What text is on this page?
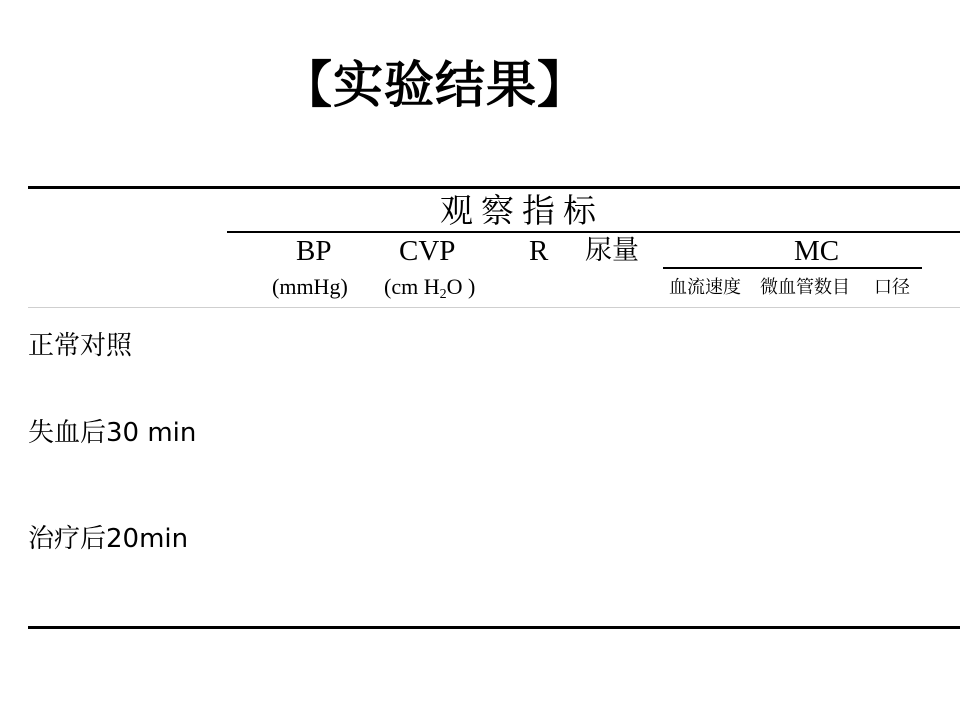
【实验结果】
观察指标
BP
(mmHg)
CVP
(cm $H_2O$ )
R 尿量	MC
血流速度 微血管数目 口径
正常对照
失血后30 min
治疗后20min
